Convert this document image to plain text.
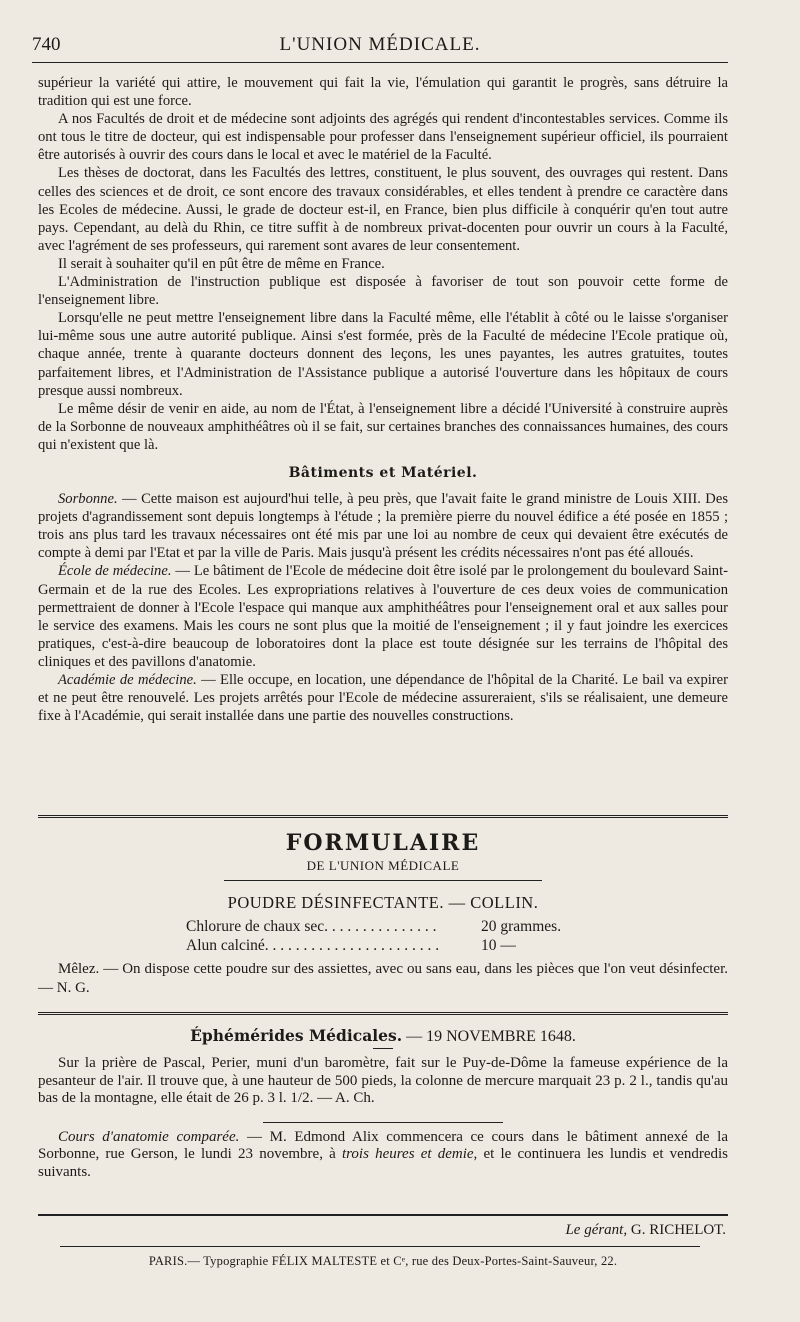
740	L'UNION MÉDICALE.

supérieur la variété qui attire, le mouvement qui fait la vie, l'émulation qui garantit le progrès, sans détruire la tradition qui est une force.

A nos Facultés de droit et de médecine sont adjoints des agrégés qui rendent d'incontestables services. Comme ils ont tous le titre de docteur, qui est indispensable pour professer dans l'enseignement supérieur officiel, ils pourraient être autorisés à ouvrir des cours dans le local et avec le matériel de la Faculté.

Les thèses de doctorat, dans les Facultés des lettres, constituent, le plus souvent, des ouvrages qui restent. Dans celles des sciences et de droit, ce sont encore des travaux considérables, et elles tendent à prendre ce caractère dans les Ecoles de médecine. Aussi, le grade de docteur est-il, en France, bien plus difficile à conquérir qu'en tout autre pays. Cependant, au delà du Rhin, ce titre suffit à de nombreux privat-docenten pour ouvrir un cours à la Faculté, avec l'agrément de ses professeurs, qui rarement sont avares de leur consentement.

Il serait à souhaiter qu'il en pût être de même en France.

L'Administration de l'instruction publique est disposée à favoriser de tout son pouvoir cette forme de l'enseignement libre.

Lorsqu'elle ne peut mettre l'enseignement libre dans la Faculté même, elle l'établit à côté ou le laisse s'organiser lui-même sous une autre autorité publique. Ainsi s'est formée, près de la Faculté de médecine l'Ecole pratique où, chaque année, trente à quarante docteurs donnent des leçons, les unes payantes, les autres gratuites, toutes parfaitement libres, et l'Administration de l'Assistance publique a autorisé l'ouverture dans les hôpitaux de cours presque aussi nombreux.

Le même désir de venir en aide, au nom de l'État, à l'enseignement libre a décidé l'Université à construire auprès de la Sorbonne de nouveaux amphithéâtres où il se fait, sur certaines branches des connaissances humaines, des cours qui n'existent que là.

Bâtiments et Matériel.

Sorbonne. — Cette maison est aujourd'hui telle, à peu près, que l'avait faite le grand ministre de Louis XIII. Des projets d'agrandissement sont depuis longtemps à l'étude ; la première pierre du nouvel édifice a été posée en 1855 ; trois ans plus tard les travaux nécessaires ont été mis par une loi au nombre de ceux qui devaient être exécutés de compte à demi par l'Etat et par la ville de Paris. Mais jusqu'à présent les crédits nécessaires n'ont pas été alloués.

École de médecine. — Le bâtiment de l'Ecole de médecine doit être isolé par le prolongement du boulevard Saint-Germain et de la rue des Ecoles. Les expropriations relatives à l'ouverture de ces deux voies de communication permettraient de donner à l'Ecole l'espace qui manque aux amphithéâtres pour l'enseignement oral et aux salles pour le service des examens. Mais les cours ne sont plus que la moitié de l'enseignement ; il y faut joindre les exercices pratiques, c'est-à-dire beaucoup de loboratoires dont la place est toute désignée sur les terrains de l'hôpital des cliniques et des pavillons d'anatomie.

Académie de médecine. — Elle occupe, en location, une dépendance de l'hôpital de la Charité. Le bail va expirer et ne peut être renouvelé. Les projets arrêtés pour l'Ecole de médecine assureraient, s'ils se réalisaient, une demeure fixe à l'Académie, qui serait installée dans une partie des nouvelles constructions.

FORMULAIRE
DE L'UNION MÉDICALE
POUDRE DÉSINFECTANTE. — COLLIN.
Chlorure de chaux sec. . . . . . . . . . . . . . .	20 grammes.
Alun calciné. . . . . . . . . . . . . . . . . . . . . . .	10 —
Mêlez. — On dispose cette poudre sur des assiettes, avec ou sans eau, dans les pièces que l'on veut désinfecter. — N. G.
Éphémérides Médicales. — 19 NOVEMBRE 1648.

Sur la prière de Pascal, Perier, muni d'un baromètre, fait sur le Puy-de-Dôme la fameuse expérience de la pesanteur de l'air. Il trouve que, à une hauteur de 500 pieds, la colonne de mercure marquait 23 p. 2 l., tandis qu'au bas de la montagne, elle était de 26 p. 3 l. 1/2. — A. Ch.

Cours d'anatomie comparée. — M. Edmond Alix commencera ce cours dans le bâtiment annexé de la Sorbonne, rue Gerson, le lundi 23 novembre, à trois heures et demie, et le continuera les lundis et vendredis suivants.

Le gérant, G. RICHELOT.
PARIS.— Typographie FÉLIX MALTESTE et Cᵉ, rue des Deux-Portes-Saint-Sauveur, 22.
